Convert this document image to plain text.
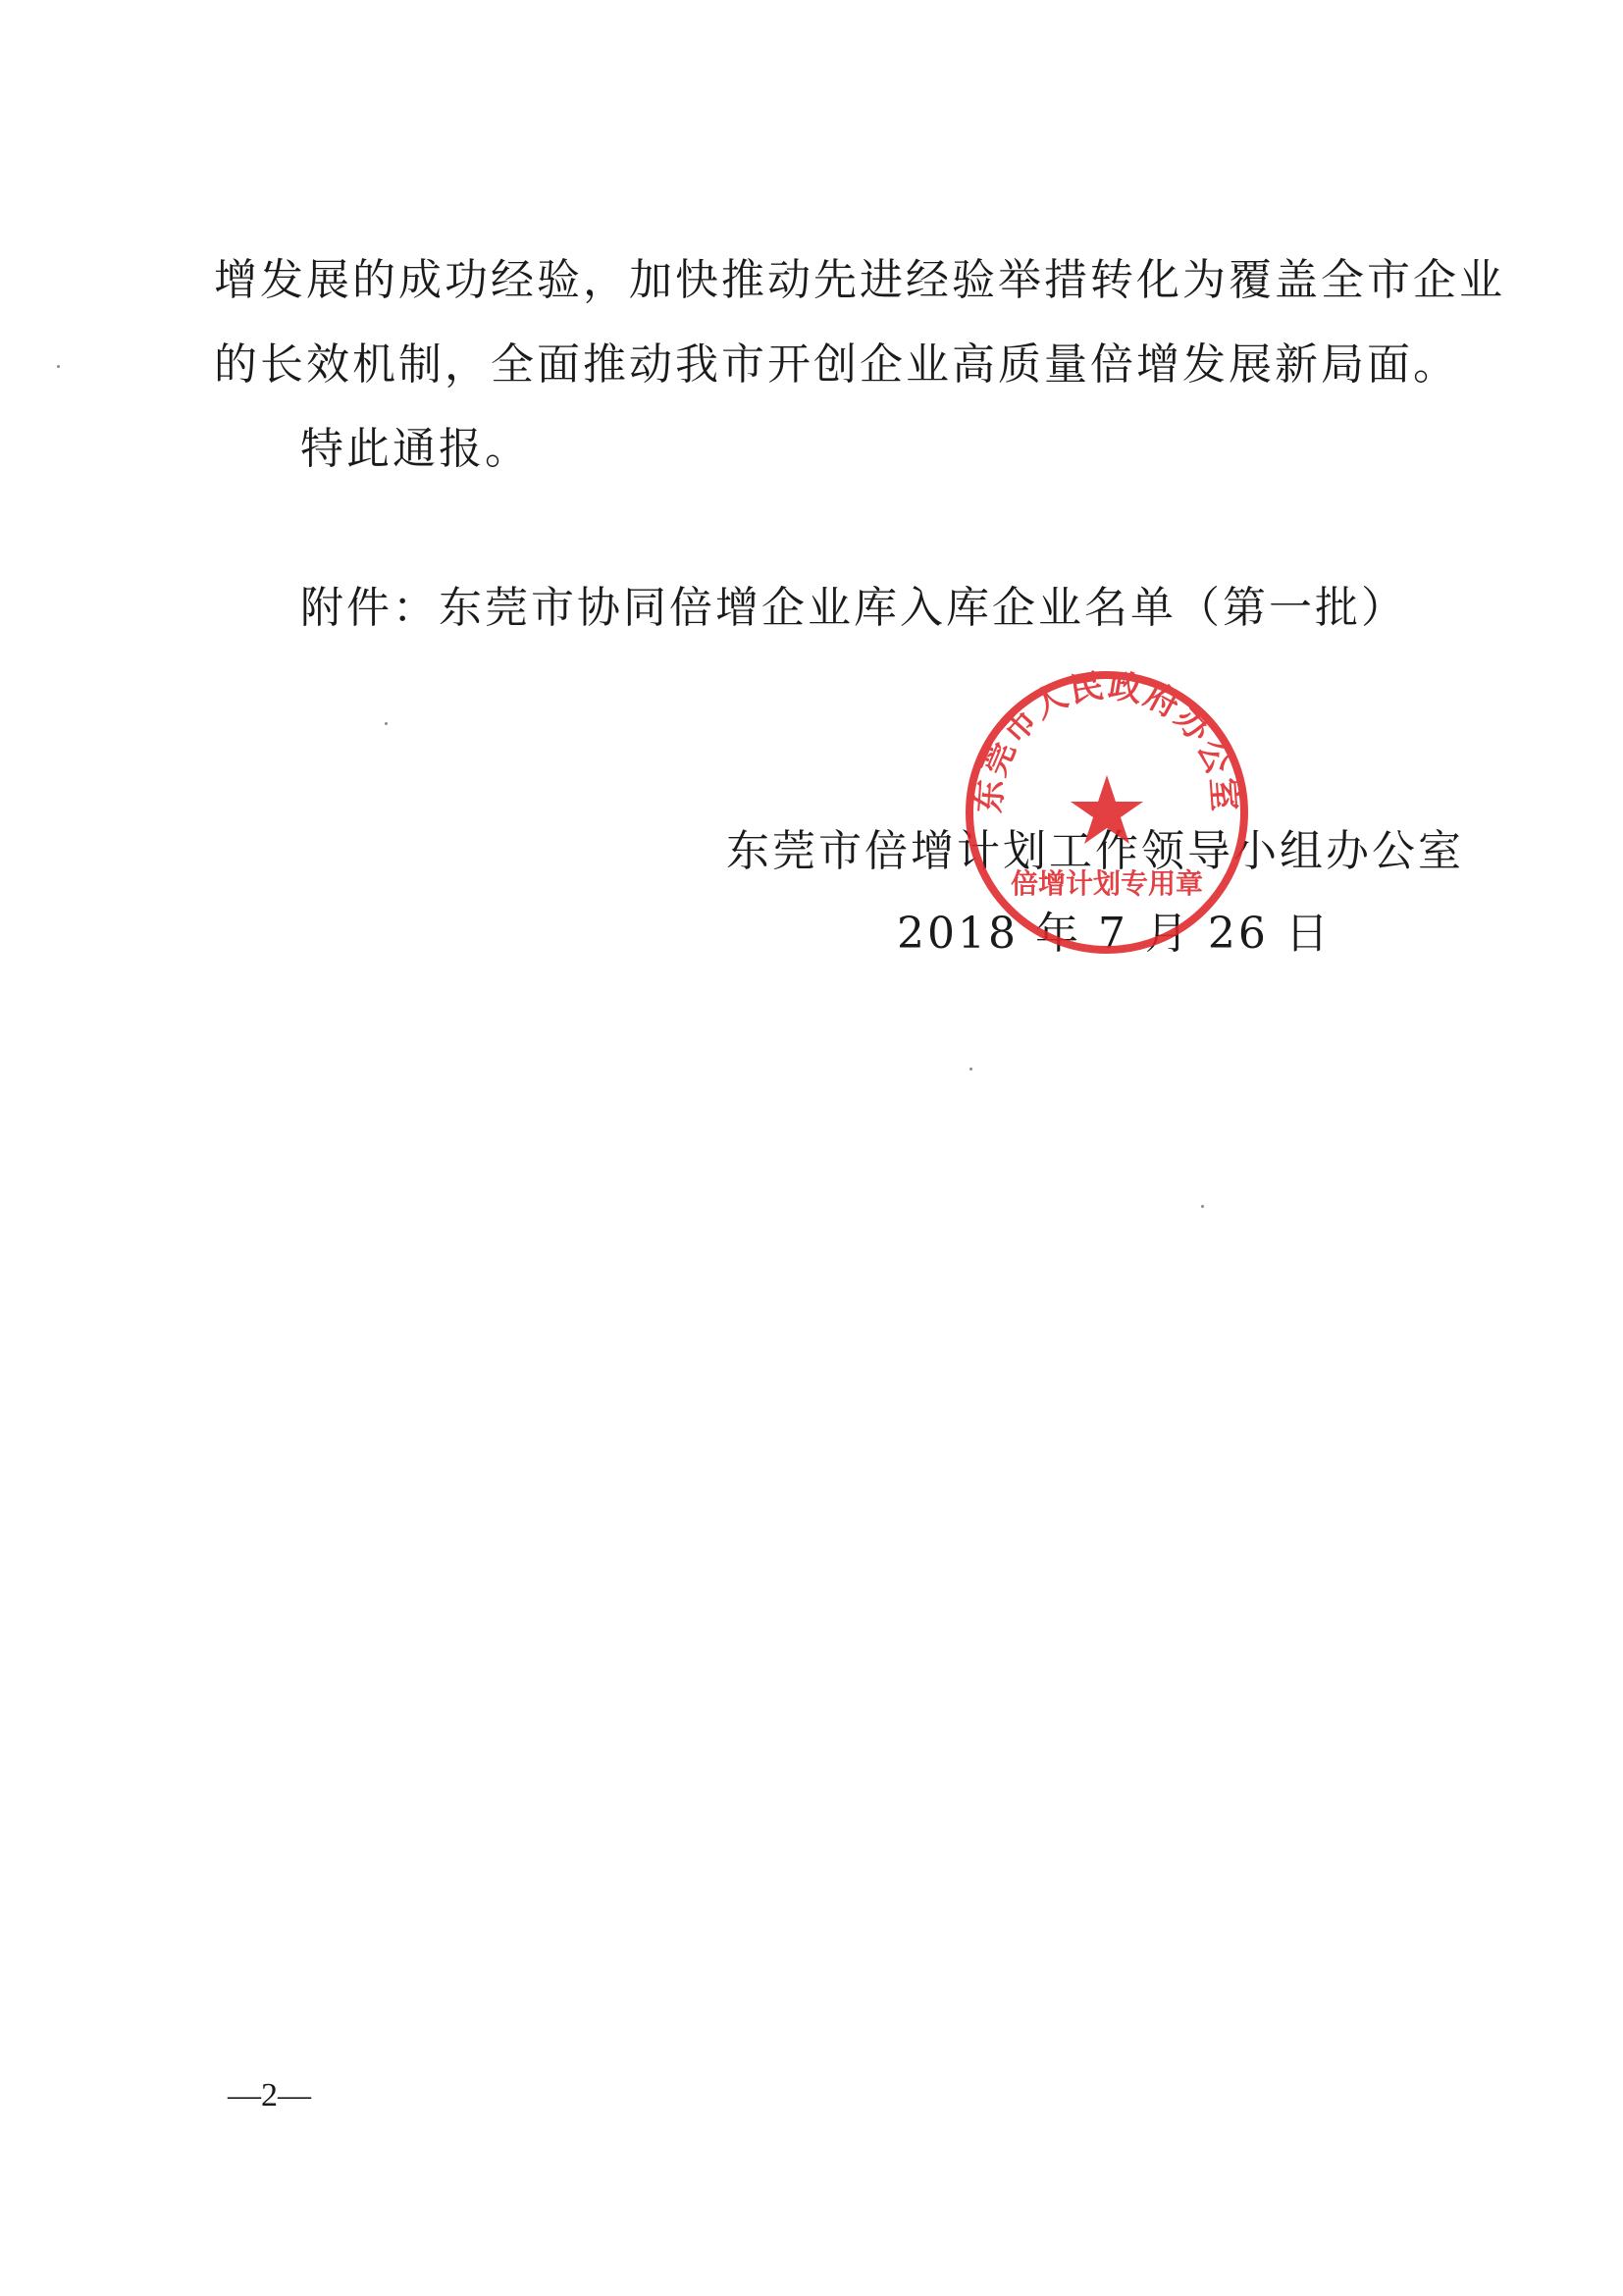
增发展的成功经验，加快推动先进经验举措转化为覆盖全市企业
的长效机制，全面推动我市开创企业高质量倍增发展新局面。
特此通报。
附件：东莞市协同倍增企业库入库企业名单（第一批）
东莞市倍增计划工作领导小组办公室
2018 年 7 月 26 日
东莞市人民政府办公室
倍增计划专用章
—2—
